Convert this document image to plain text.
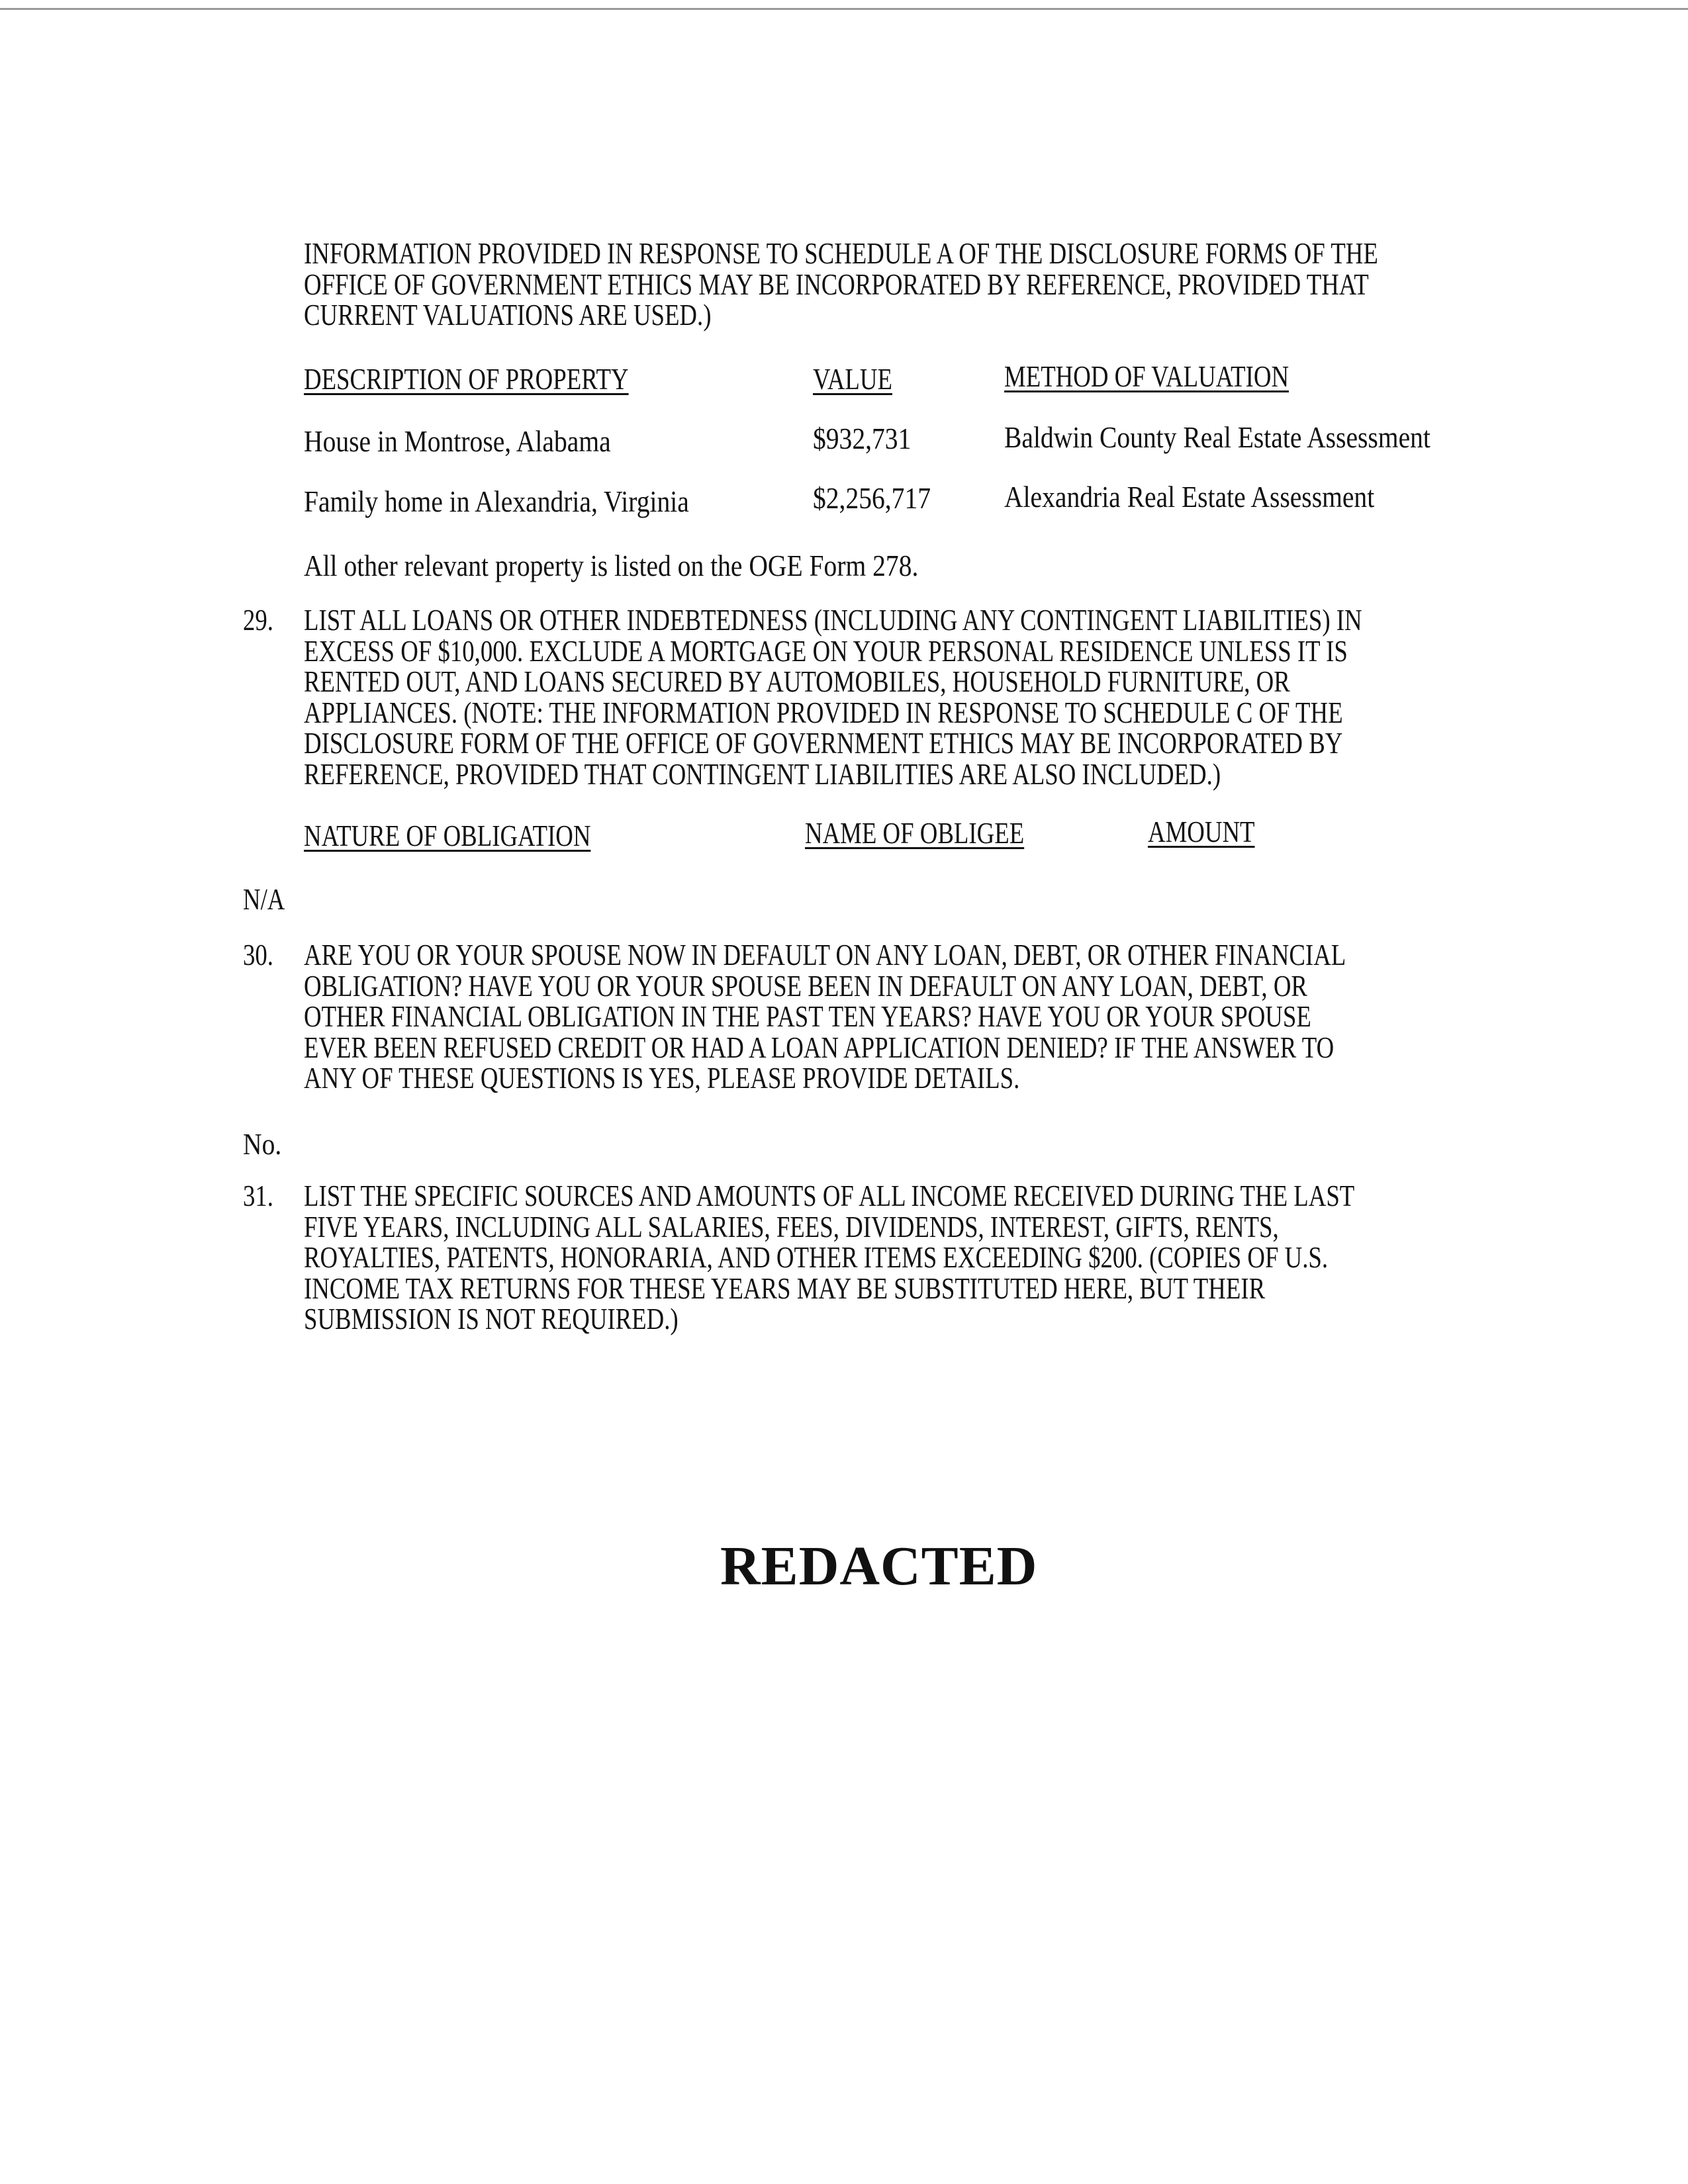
INFORMATION PROVIDED IN RESPONSE TO SCHEDULE A OF THE DISCLOSURE FORMS OF THE
OFFICE OF GOVERNMENT ETHICS MAY BE INCORPORATED BY REFERENCE, PROVIDED THAT
CURRENT VALUATIONS ARE USED.)
DESCRIPTION OF PROPERTY	VALUE	METHOD OF VALUATION
House in Montrose, Alabama	$932,731	Baldwin County Real Estate Assessment
Family home in Alexandria, Virginia	$2,256,717 Alexandria Real Estate Assessment
All other relevant property is listed on the OGE Form 278.
29. LIST ALL LOANS OR OTHER INDEBTEDNESS (INCLUDING ANY CONTINGENT LIABILITIES) IN
EXCESS OF $10,000. EXCLUDE A MORTGAGE ON YOUR PERSONAL RESIDENCE UNLESS IT IS
RENTED OUT, AND LOANS SECURED BY AUTOMOBILES, HOUSEHOLD FURNITURE, OR
APPLIANCES. (NOTE: THE INFORMATION PROVIDED IN RESPONSE TO SCHEDULE C OF THE
DISCLOSURE FORM OF THE OFFICE OF GOVERNMENT ETHICS MAY BE INCORPORATED BY
REFERENCE, PROVIDED THAT CONTINGENT LIABILITIES ARE ALSO INCLUDED.)
NATURE OF OBLIGATION	NAME OF OBLIGEE	AMOUNT
N/A
30. ARE YOU OR YOUR SPOUSE NOW IN DEFAULT ON ANY LOAN, DEBT, OR OTHER FINANCIAL
OBLIGATION? HAVE YOU OR YOUR SPOUSE BEEN IN DEFAULT ON ANY LOAN, DEBT, OR
OTHER FINANCIAL OBLIGATION IN THE PAST TEN YEARS? HAVE YOU OR YOUR SPOUSE
EVER BEEN REFUSED CREDIT OR HAD A LOAN APPLICATION DENIED? IF THE ANSWER TO
ANY OF THESE QUESTIONS IS YES, PLEASE PROVIDE DETAILS.
No.
31. LIST THE SPECIFIC SOURCES AND AMOUNTS OF ALL INCOME RECEIVED DURING THE LAST
FIVE YEARS, INCLUDING ALL SALARIES, FEES, DIVIDENDS, INTEREST, GIFTS, RENTS,
ROYALTIES, PATENTS, HONORARIA, AND OTHER ITEMS EXCEEDING $200. (COPIES OF U.S.
INCOME TAX RETURNS FOR THESE YEARS MAY BE SUBSTITUTED HERE, BUT THEIR
SUBMISSION IS NOT REQUIRED.)
REDACTED
